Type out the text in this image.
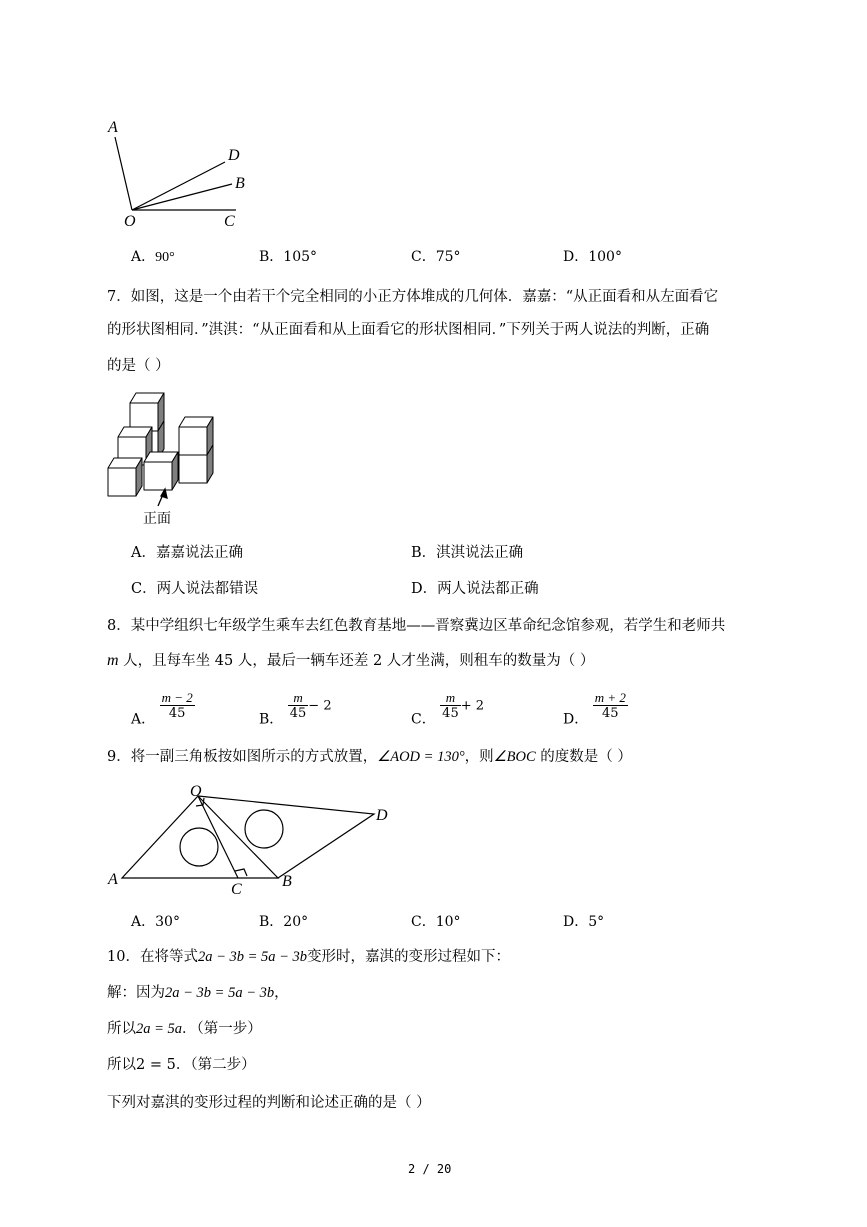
A
D
B
O	C
A．90°	B．105°	C．75°	D．100°
7．如图，这是一个由若干个完全相同的小正方体堆成的几何体．嘉嘉：“从正面看和从左面看它
的形状图相同．”淇淇：“从正面看和从上面看它的形状图相同．”下列关于两人说法的判断，正确
的是（ ）
正面
A．嘉嘉说法正确	B．淇淇说法正确
C．两人说法都错误	D．两人说法都正确
8．某中学组织七年级学生乘车去红色教育基地——晋察冀边区革命纪念馆参观，若学生和老师共
m 人，且每车坐 45 人，最后一辆车还差 2 人才坐满，则租车的数量为（ ）
A． $\frac{m - 2}{45}$	B． $\frac{m}{45} - 2$
C． $\frac{m}{45} + 2$
D． $\frac{m + 2}{45}$
9．将一副三角板按如图所示的方式放置，∠AOD = 130°，则∠BOC 的度数是（ ）
O
D
A
C	B
A．30°	B．20°	C．10°	D．5°
10．在将等式2a − 3b = 5a − 3b变形时，嘉淇的变形过程如下：
解：因为2a − 3b = 5a − 3b，
所以2a = 5a．（第一步）
所以2 = 5．（第二步）
下列对嘉淇的变形过程的判断和论述正确的是（ ）
2 / 20
